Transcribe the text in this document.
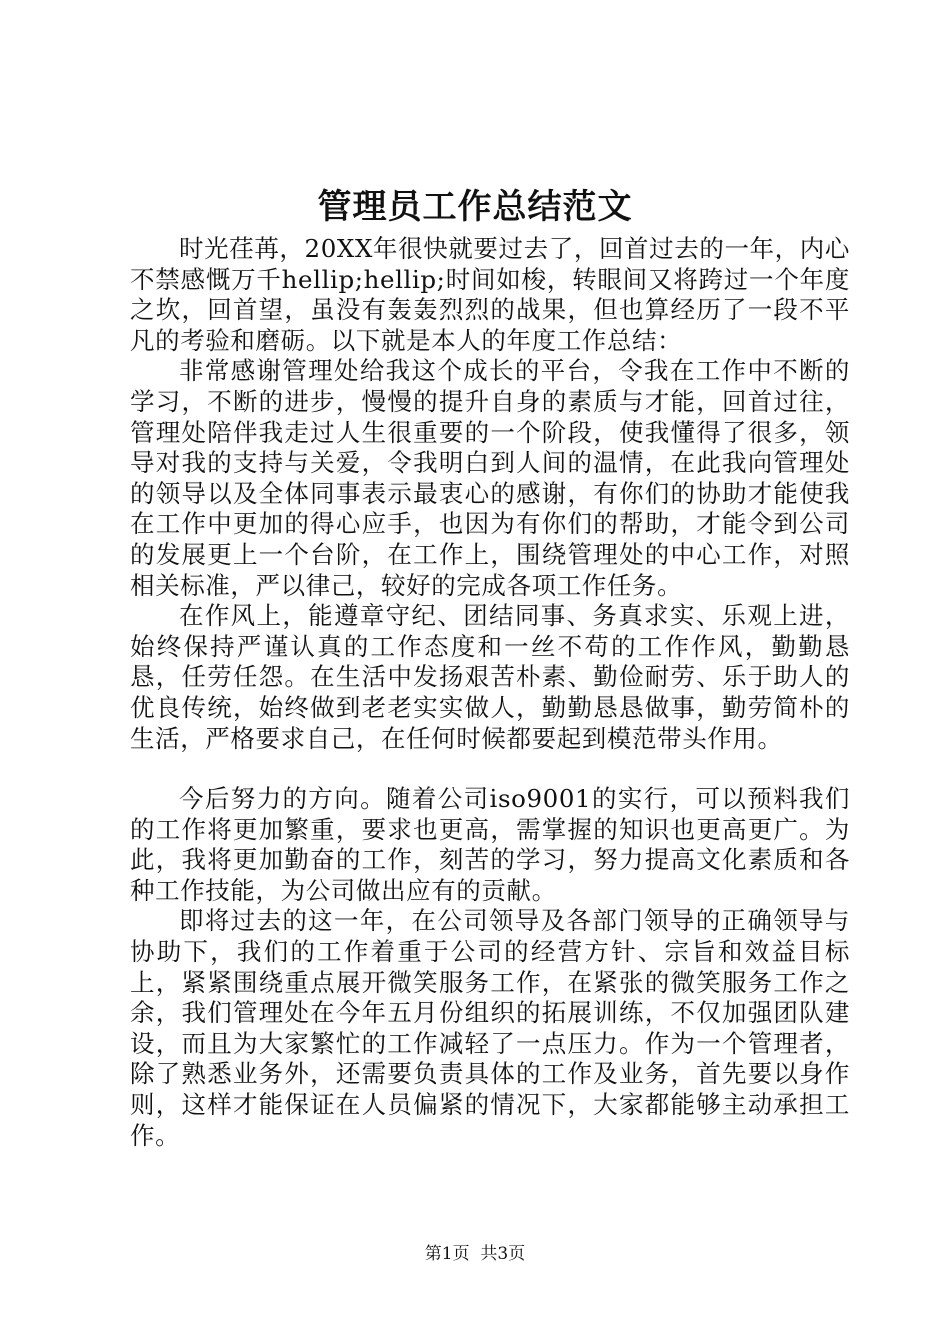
管理员工作总结范文

时光荏苒，20XX年很快就要过去了，回首过去的一年，内心不禁感慨万千hellip;hellip;时间如梭，转眼间又将跨过一个年度之坎，回首望，虽没有轰轰烈烈的战果，但也算经历了一段不平凡的考验和磨砺。以下就是本人的年度工作总结：

非常感谢管理处给我这个成长的平台，令我在工作中不断的学习，不断的进步，慢慢的提升自身的素质与才能，回首过往，管理处陪伴我走过人生很重要的一个阶段，使我懂得了很多，领导对我的支持与关爱，令我明白到人间的温情，在此我向管理处的领导以及全体同事表示最衷心的感谢，有你们的协助才能使我在工作中更加的得心应手，也因为有你们的帮助，才能令到公司的发展更上一个台阶，在工作上，围绕管理处的中心工作，对照相关标准，严以律己，较好的完成各项工作任务。

在作风上，能遵章守纪、团结同事、务真求实、乐观上进，始终保持严谨认真的工作态度和一丝不苟的工作作风，勤勤恳恳，任劳任怨。在生活中发扬艰苦朴素、勤俭耐劳、乐于助人的优良传统，始终做到老老实实做人，勤勤恳恳做事，勤劳简朴的生活，严格要求自己，在任何时候都要起到模范带头作用。

今后努力的方向。随着公司iso9001的实行，可以预料我们的工作将更加繁重，要求也更高，需掌握的知识也更高更广。为此，我将更加勤奋的工作，刻苦的学习，努力提高文化素质和各种工作技能，为公司做出应有的贡献。

即将过去的这一年，在公司领导及各部门领导的正确领导与协助下，我们的工作着重于公司的经营方针、宗旨和效益目标上，紧紧围绕重点展开微笑服务工作，在紧张的微笑服务工作之余，我们管理处在今年五月份组织的拓展训练，不仅加强团队建设，而且为大家繁忙的工作减轻了一点压力。作为一个管理者，除了熟悉业务外，还需要负责具体的工作及业务，首先要以身作则，这样才能保证在人员偏紧的情况下，大家都能够主动承担工作。

第1页 共3页
